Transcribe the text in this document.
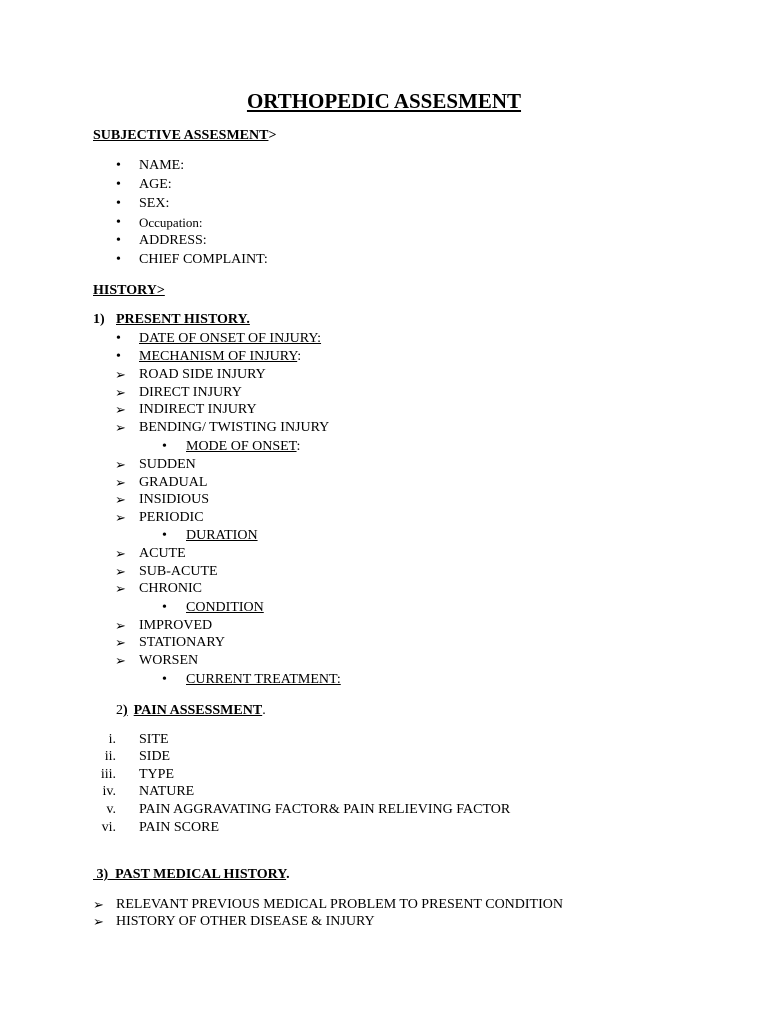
ORTHOPEDIC ASSESMENT
SUBJECTIVE ASSESMENT>
• NAME:
• AGE:
• SEX:
• Occupation:
• ADDRESS:
• CHIEF COMPLAINT:
HISTORY>
1) PRESENT HISTORY.
• DATE OF ONSET OF INJURY:
• MECHANISM OF INJURY:
➢ ROAD SIDE INJURY
➢ DIRECT INJURY
➢ INDIRECT INJURY
➢ BENDING/ TWISTING INJURY
• MODE OF ONSET:
➢ SUDDEN
➢ GRADUAL
➢ INSIDIOUS
➢ PERIODIC
• DURATION
➢ ACUTE
➢ SUB-ACUTE
➢ CHRONIC
• CONDITION
➢ IMPROVED
➢ STATIONARY
➢ WORSEN
• CURRENT TREATMENT:
2) PAIN ASSESSMENT.
i. SITE
ii. SIDE
iii. TYPE
iv. NATURE
v. PAIN AGGRAVATING FACTOR& PAIN RELIEVING FACTOR
vi. PAIN SCORE
3)  PAST MEDICAL HISTORY.
➢ RELEVANT PREVIOUS MEDICAL PROBLEM TO PRESENT CONDITION
➢ HISTORY OF OTHER DISEASE & INJURY
